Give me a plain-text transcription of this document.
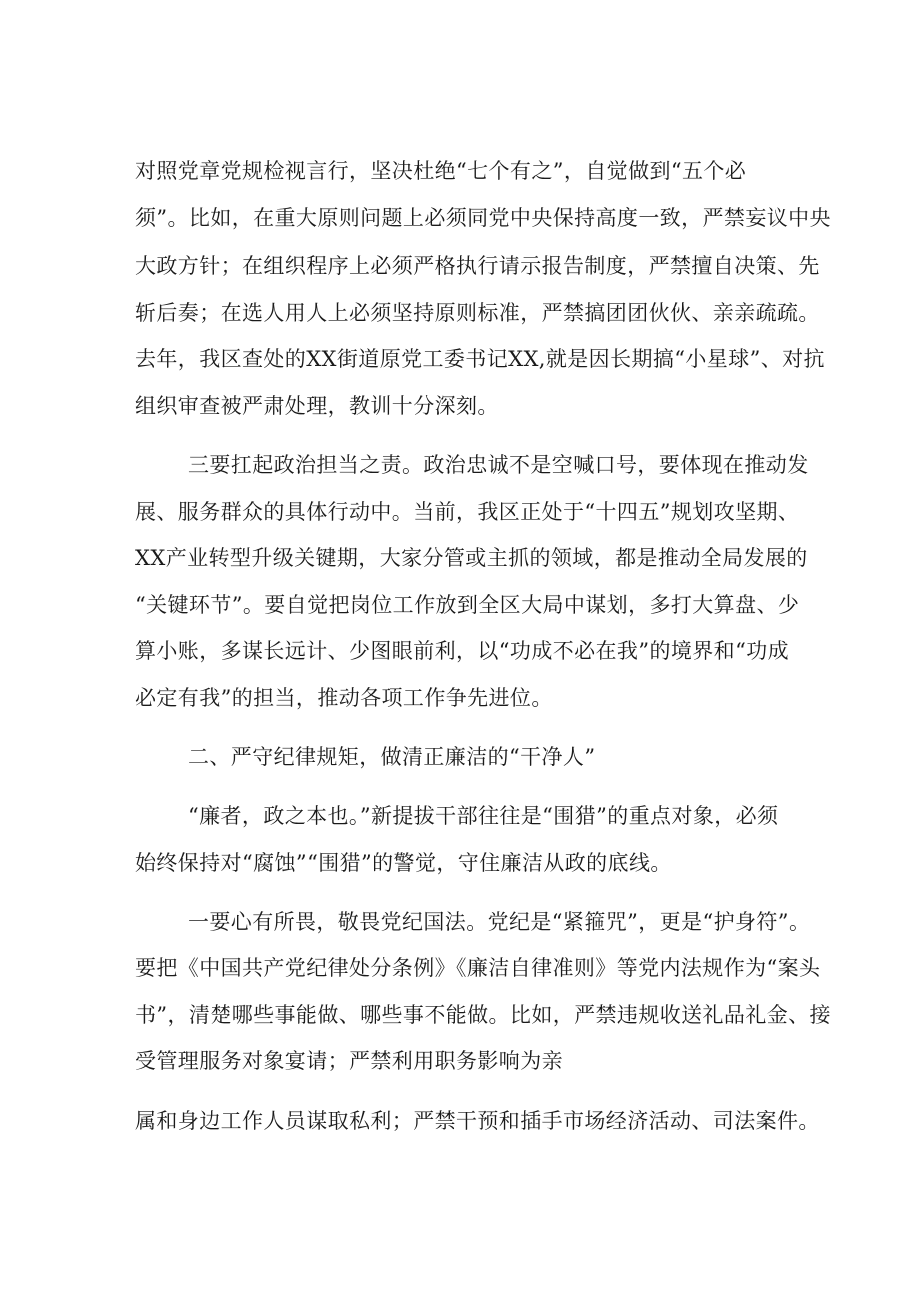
对照党章党规检视言行，坚决杜绝“七个有之”，自觉做到“五个必
须”。比如，在重大原则问题上必须同党中央保持高度一致，严禁妄议中央
大政方针；在组织程序上必须严格执行请示报告制度，严禁擅自决策、先
斩后奏；在选人用人上必须坚持原则标准，严禁搞团团伙伙、亲亲疏疏。
去年，我区查处的XX街道原党工委书记XX,就是因长期搞“小星球”、对抗
组织审查被严肃处理，教训十分深刻。
三要扛起政治担当之责。政治忠诚不是空喊口号，要体现在推动发
展、服务群众的具体行动中。当前，我区正处于“十四五”规划攻坚期、
XX产业转型升级关键期，大家分管或主抓的领域，都是推动全局发展的
“关键环节”。要自觉把岗位工作放到全区大局中谋划，多打大算盘、少
算小账，多谋长远计、少图眼前利，以“功成不必在我”的境界和“功成
必定有我”的担当，推动各项工作争先进位。
二、严守纪律规矩，做清正廉洁的“干净人”
“廉者，政之本也。”新提拔干部往往是“围猎”的重点对象，必须
始终保持对“腐蚀”“围猎”的警觉，守住廉洁从政的底线。
一要心有所畏，敬畏党纪国法。党纪是“紧箍咒”，更是“护身符”。
要把《中国共产党纪律处分条例》《廉洁自律准则》等党内法规作为“案头
书”，清楚哪些事能做、哪些事不能做。比如，严禁违规收送礼品礼金、接
受管理服务对象宴请；严禁利用职务影响为亲
属和身边工作人员谋取私利；严禁干预和插手市场经济活动、司法案件。
